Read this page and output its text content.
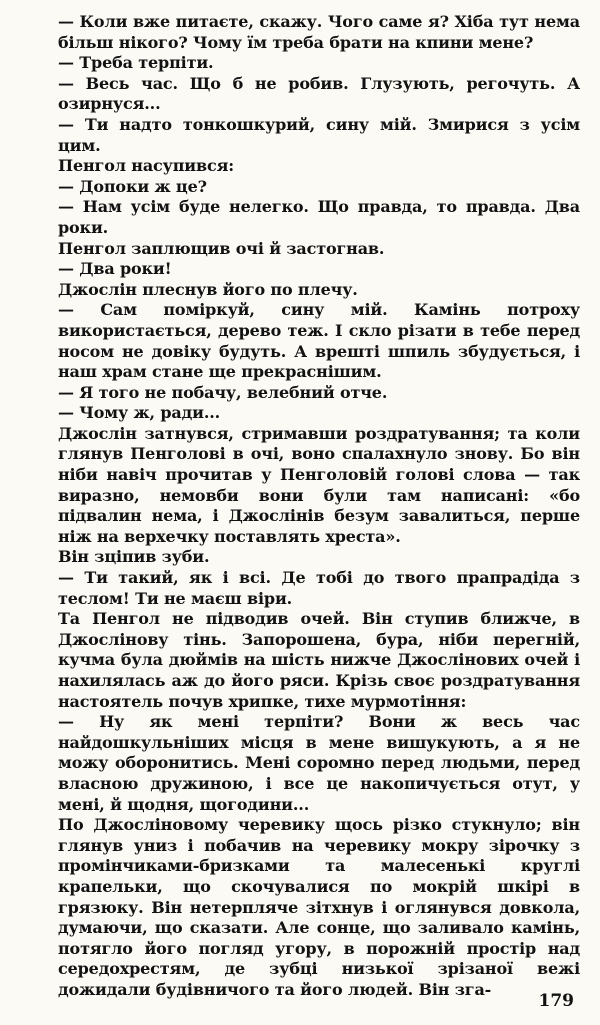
— Коли вже питаєте, скажу. Чого саме я? Хіба тут нема більш нікого? Чому їм треба брати на кпини мене?

— Треба терпіти.

— Весь час. Що б не робив. Глузують, регочуть. А озирнуся...

— Ти надто тонкошкурий, сину мій. Змирися з усім цим.

Пенгол насупився:

— Допоки ж це?

— Нам усім буде нелегко. Що правда, то правда. Два роки.

Пенгол заплющив очі й застогнав.

— Два роки!

Джослін плеснув його по плечу.

— Сам поміркуй, сину мій. Камінь потроху використається, дерево теж. І скло різати в тебе перед носом не довіку будуть. А врешті шпиль збудується, і наш храм стане ще прекраснішим.

— Я того не побачу, велебний отче.

— Чому ж, ради...

Джослін затнувся, стримавши роздратування; та коли глянув Пенголові в очі, воно спалахнуло знову. Бо він ніби навіч прочитав у Пенголовій голові слова — так виразно, немовби вони були там написані: «бо підвалин нема, і Джослінів безум завалиться, перше ніж на верхечку поставлять хреста».

Він зціпив зуби.

— Ти такий, як і всі. Де тобі до твого прапрадіда з теслом! Ти не маєш віри.

Та Пенгол не підводив очей. Він ступив ближче, в Джослінову тінь. Запорошена, бура, ніби перегній, кучма була дюймів на шість нижче Джослінових очей і нахилялась аж до його ряси. Крізь своє роздратування настоятель почув хрипке, тихе мурмотіння:

— Ну як мені терпіти? Вони ж весь час найдошкульніших місця в мене вишукують, а я не можу оборонитись. Мені соромно перед людьми, перед власною дружиною, і все це накопичується отут, у мені, й щодня, щогодини...

По Джосліновому черевику щось різко стукнуло; він глянув униз і побачив на черевику мокру зірочку з промінчиками-бризками та малесенькі круглі крапельки, що скочувалися по мокрій шкірі в грязюку. Він нетерпляче зітхнув і оглянувся довкола, думаючи, що сказати. Але сонце, що заливало камінь, потягло його погляд угору, в порожній простір над середохрестям, де зубці низької зрізаної вежі дожидали будівничого та його людей. Він зга-

179
